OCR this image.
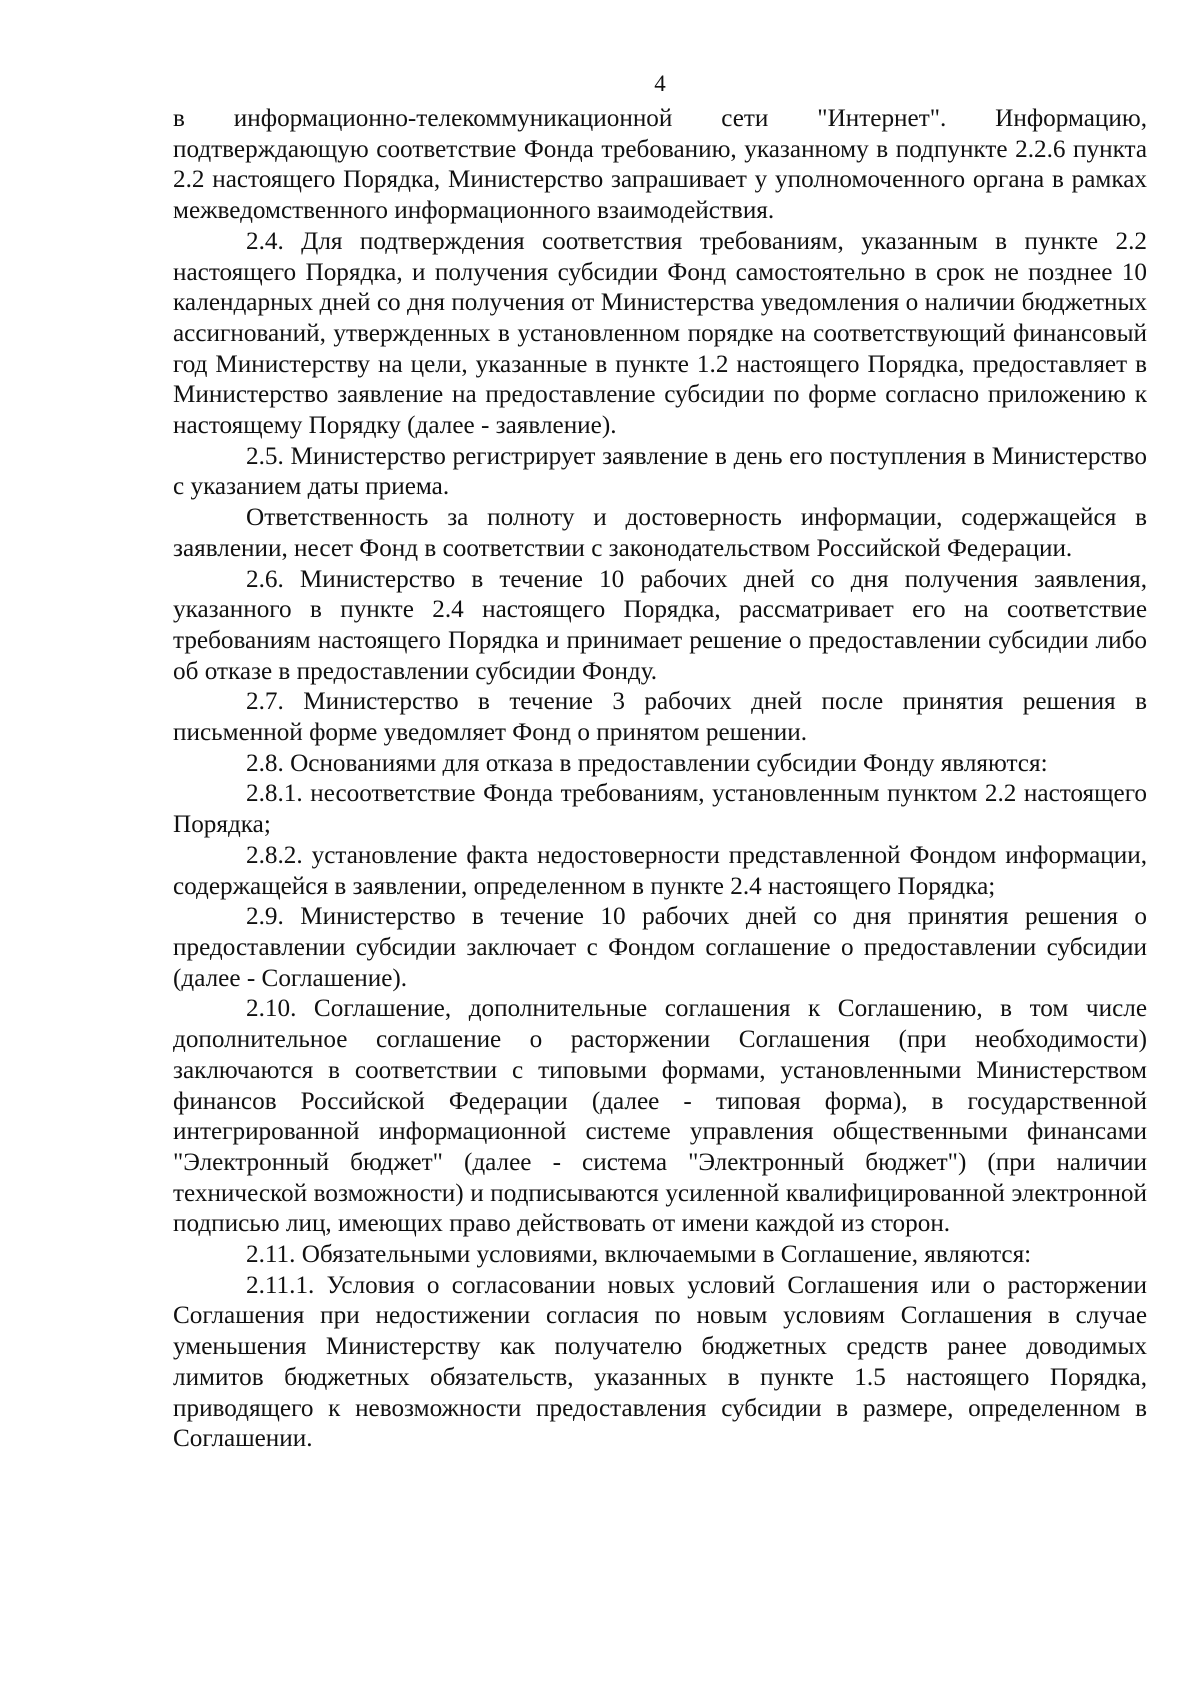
4

в информационно-телекоммуникационной сети "Интернет". Информацию, подтверждающую соответствие Фонда требованию, указанному в подпункте 2.2.6 пункта 2.2 настоящего Порядка, Министерство запрашивает у уполномоченного органа в рамках межведомственного информационного взаимодействия.

2.4. Для подтверждения соответствия требованиям, указанным в пункте 2.2 настоящего Порядка, и получения субсидии Фонд самостоятельно в срок не позднее 10 календарных дней со дня получения от Министерства уведомления о наличии бюджетных ассигнований, утвержденных в установленном порядке на соответствующий финансовый год Министерству на цели, указанные в пункте 1.2 настоящего Порядка, предоставляет в Министерство заявление на предоставление субсидии по форме согласно приложению к настоящему Порядку (далее - заявление).

2.5. Министерство регистрирует заявление в день его поступления в Министерство с указанием даты приема.

Ответственность за полноту и достоверность информации, содержащейся в заявлении, несет Фонд в соответствии с законодательством Российской Федерации.

2.6. Министерство в течение 10 рабочих дней со дня получения заявления, указанного в пункте 2.4 настоящего Порядка, рассматривает его на соответствие требованиям настоящего Порядка и принимает решение о предоставлении субсидии либо об отказе в предоставлении субсидии Фонду.

2.7. Министерство в течение 3 рабочих дней после принятия решения в письменной форме уведомляет Фонд о принятом решении.

2.8. Основаниями для отказа в предоставлении субсидии Фонду являются:

2.8.1. несоответствие Фонда требованиям, установленным пунктом 2.2 настоящего Порядка;

2.8.2. установление факта недостоверности представленной Фондом информации, содержащейся в заявлении, определенном в пункте 2.4 настоящего Порядка;

2.9. Министерство в течение 10 рабочих дней со дня принятия решения о предоставлении субсидии заключает с Фондом соглашение о предоставлении субсидии (далее - Соглашение).

2.10. Соглашение, дополнительные соглашения к Соглашению, в том числе дополнительное соглашение о расторжении Соглашения (при необходимости) заключаются в соответствии с типовыми формами, установленными Министерством финансов Российской Федерации (далее - типовая форма), в государственной интегрированной информационной системе управления общественными финансами "Электронный бюджет" (далее - система "Электронный бюджет") (при наличии технической возможности) и подписываются усиленной квалифицированной электронной подписью лиц, имеющих право действовать от имени каждой из сторон.

2.11. Обязательными условиями, включаемыми в Соглашение, являются:

2.11.1. Условия о согласовании новых условий Соглашения или о расторжении Соглашения при недостижении согласия по новым условиям Соглашения в случае уменьшения Министерству как получателю бюджетных средств ранее доводимых лимитов бюджетных обязательств, указанных в пункте 1.5 настоящего Порядка, приводящего к невозможности предоставления субсидии в размере, определенном в Соглашении.
